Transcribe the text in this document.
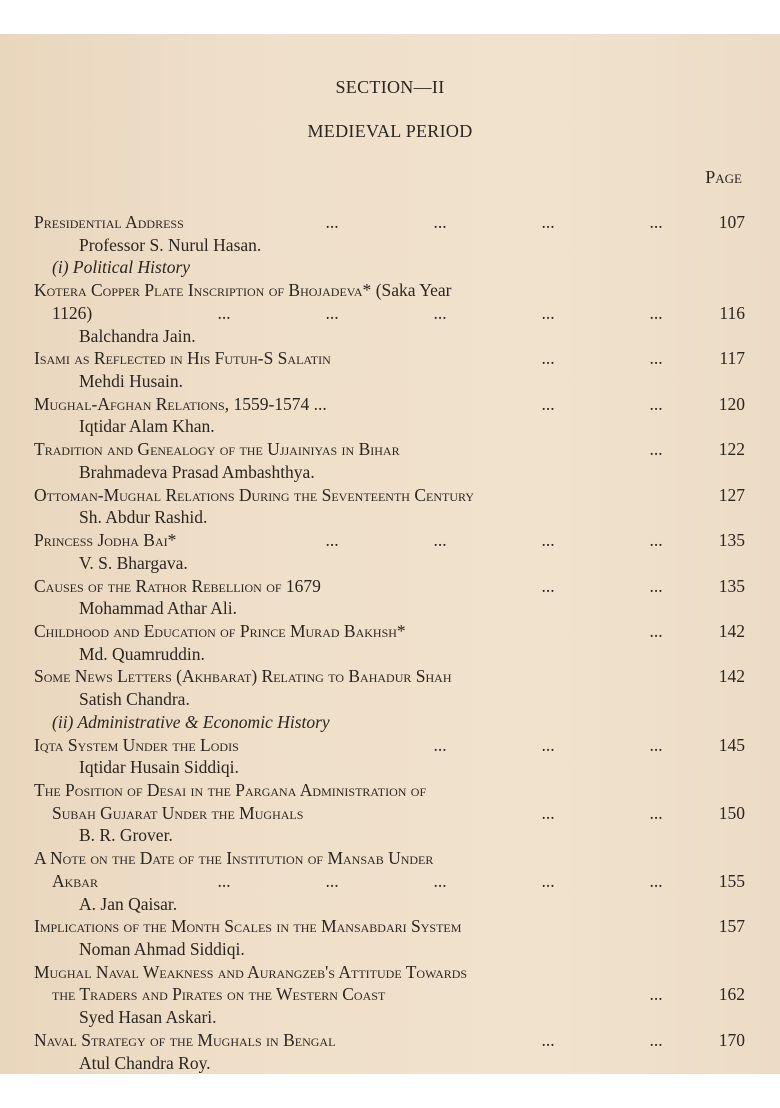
SECTION—II
MEDIEVAL PERIOD
Page
Presidential Address	...	...	...	...	107
Professor S. Nurul Hasan.
(i) Political History
Kotera Copper Plate Inscription of Bhojadeva* (Saka Year
1126)	...	...	...	...	...	116
Balchandra Jain.
Isami as Reflected in His Futuh-S Salatin	...	...	117
Mehdi Husain.
Mughal-Afghan Relations, 1559-1574 ...	...	...	120
Iqtidar Alam Khan.
Tradition and Genealogy of the Ujjainiyas in Bihar	...	122
Brahmadeva Prasad Ambashthya.
Ottoman-Mughal Relations During the Seventeenth Century	127
Sh. Abdur Rashid.
Princess Jodha Bai*	...	...	...	...	135
V. S. Bhargava.
Causes of the Rathor Rebellion of 1679	...	...	135
Mohammad Athar Ali.
Childhood and Education of Prince Murad Bakhsh*	...	142
Md. Quamruddin.
Some News Letters (Akhbarat) Relating to Bahadur Shah	142
Satish Chandra.
(ii) Administrative & Economic History
Iqta System Under the Lodis	...	...	...	145
Iqtidar Husain Siddiqi.
The Position of Desai in the Pargana Administration of
Subah Gujarat Under the Mughals	...	...	150
B. R. Grover.
A Note on the Date of the Institution of Mansab Under
Akbar	...	...	...	...	...	155
A. Jan Qaisar.
Implications of the Month Scales in the Mansabdari System	157
Noman Ahmad Siddiqi.
Mughal Naval Weakness and Aurangzeb's Attitude Towards
the Traders and Pirates on the Western Coast	...	162
Syed Hasan Askari.
Naval Strategy of the Mughals in Bengal	...	...	170
Atul Chandra Roy.
